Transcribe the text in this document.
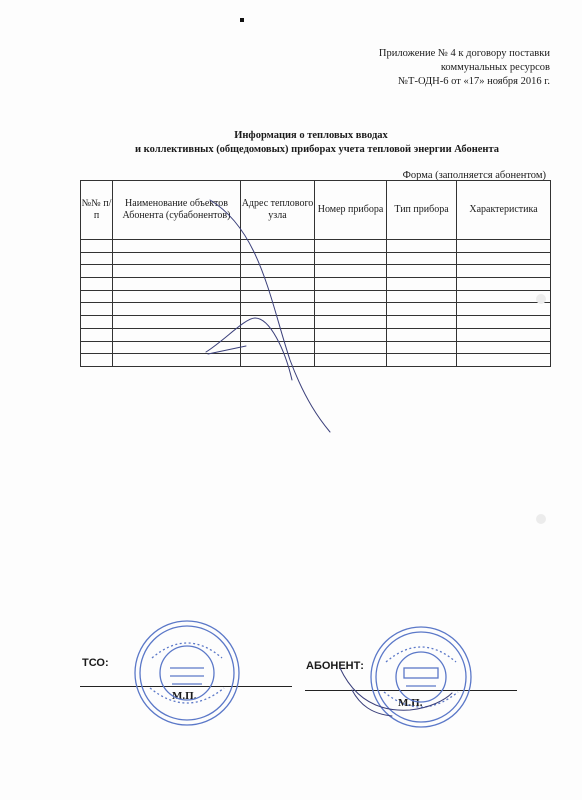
Приложение № 4 к договору поставки
коммунальных ресурсов
№Т-ОДН-6 от «17» ноября 2016 г.
Информация о тепловых вводах
и коллективных (общедомовых) приборах учета тепловой энергии Абонента
Форма (заполняется абонентом)
№№ п/п	Наименование объектов Абонента (субабонентов)	Адрес теплового узла	Номер прибора	Тип прибора	Характеристика

ТСО:	АБОНЕНТ:
М.П.
М.П.
